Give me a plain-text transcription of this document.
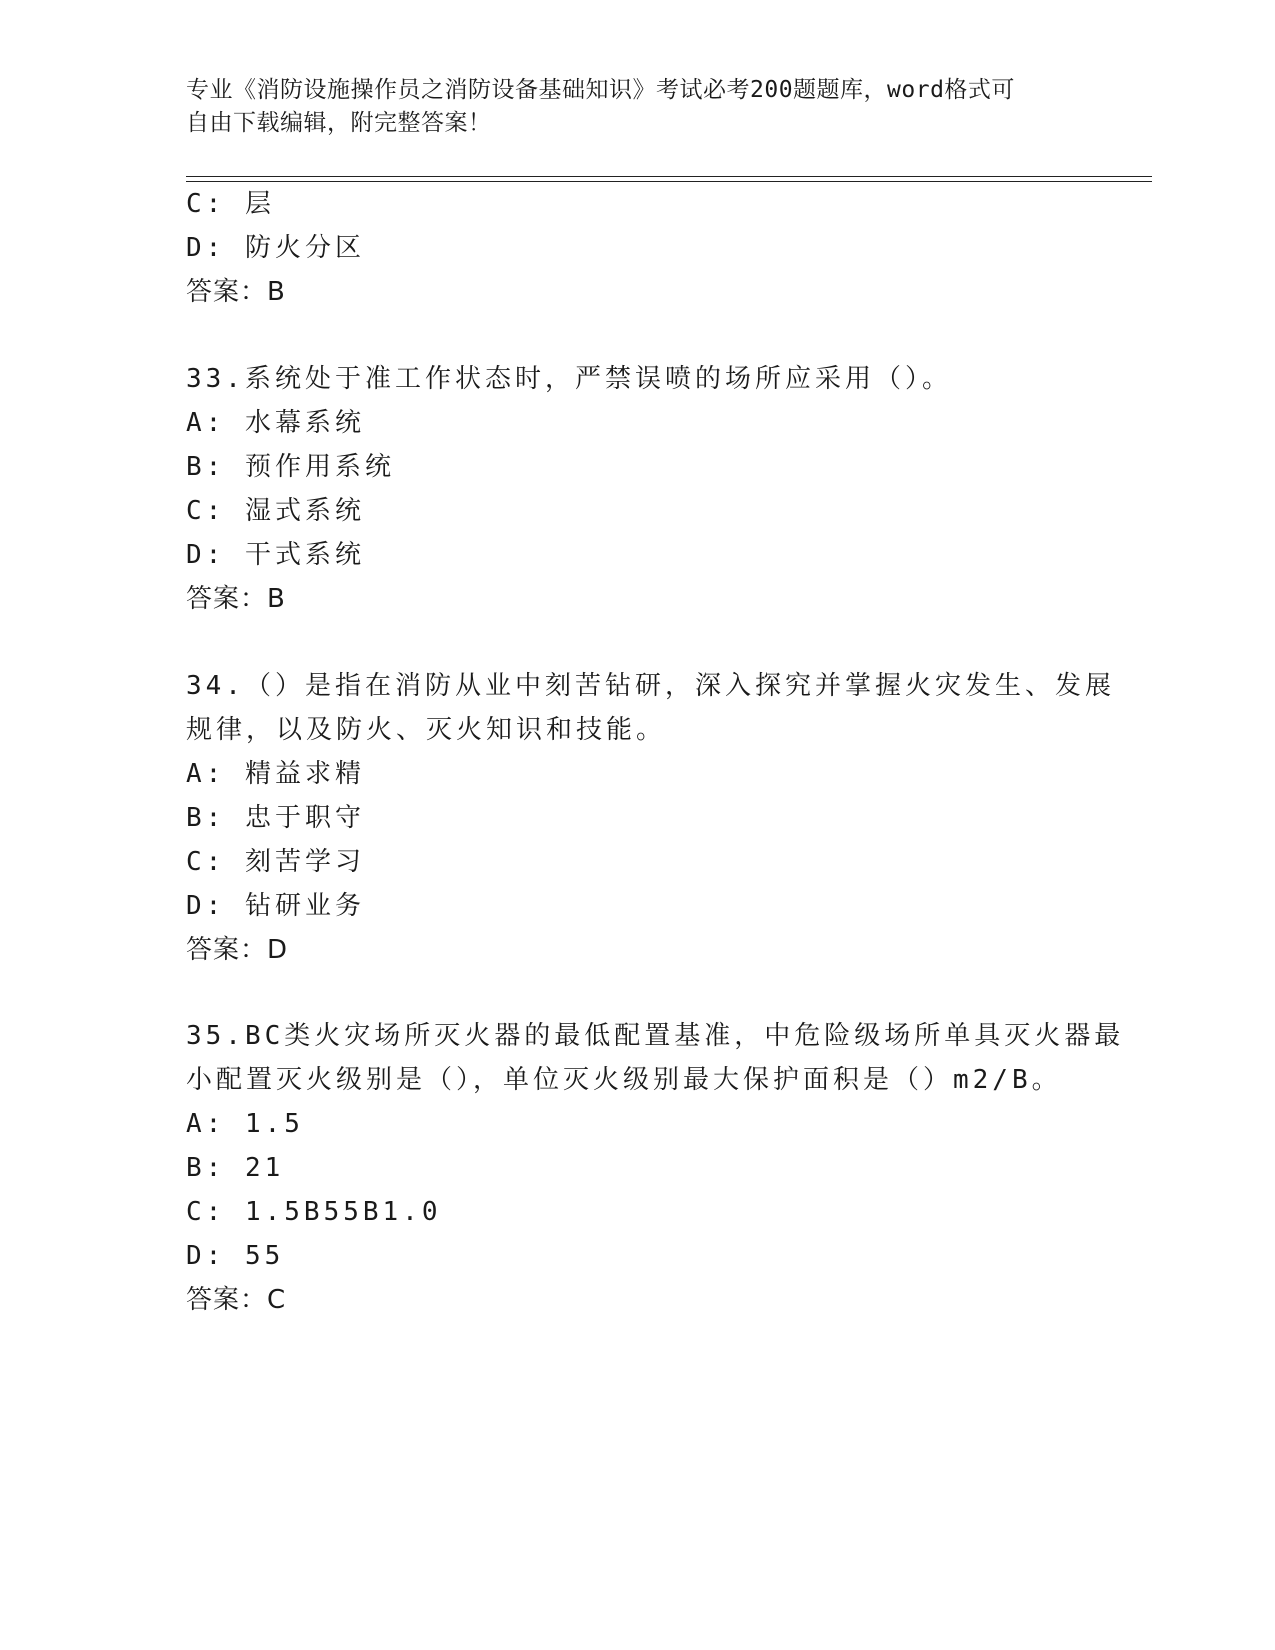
专业《消防设施操作员之消防设备基础知识》考试必考200题题库，word格式可
自由下载编辑，附完整答案！
C: 层
D: 防火分区
答案：B
33.系统处于准工作状态时，严禁误喷的场所应采用（）。
A: 水幕系统
B: 预作用系统
C: 湿式系统
D: 干式系统
答案：B
34.（）是指在消防从业中刻苦钻研，深入探究并掌握火灾发生、发展
规律，以及防火、灭火知识和技能。
A: 精益求精
B: 忠于职守
C: 刻苦学习
D: 钻研业务
答案：D
35.BC类火灾场所灭火器的最低配置基准，中危险级场所单具灭火器最
小配置灭火级别是（），单位灭火级别最大保护面积是（）m2/B。
A: 1.5
B: 21
C: 1.5B55B1.0
D: 55
答案：C
